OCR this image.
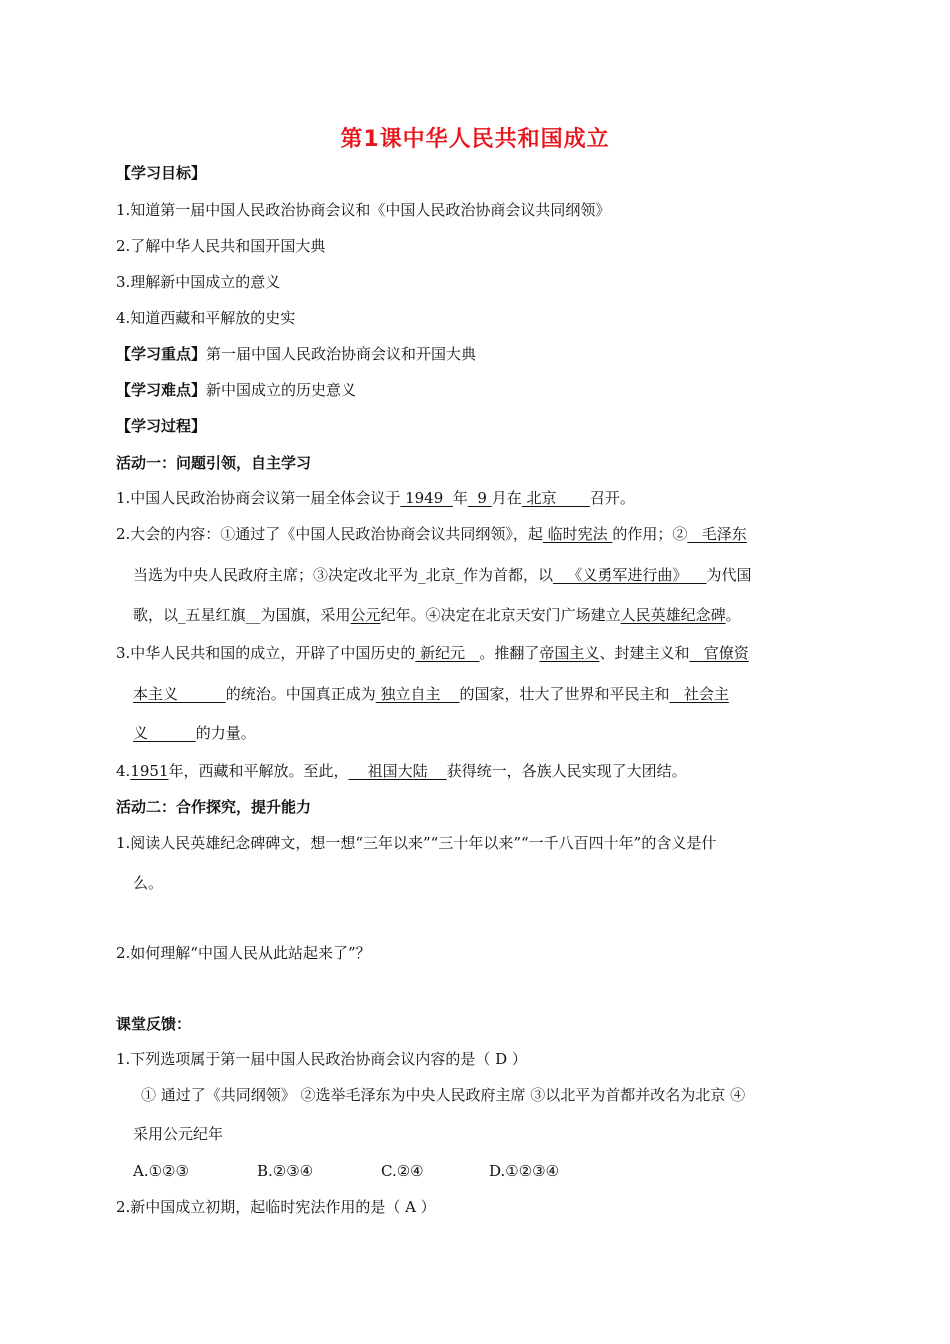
第1课中华人民共和国成立
【学习目标】
1.知道第一届中国人民政治协商会议和《中国人民政治协商会议共同纲领》
2.了解中华人民共和国开国大典
3.理解新中国成立的意义
4.知道西藏和平解放的史实
【学习重点】第一届中国人民政治协商会议和开国大典
【学习难点】新中国成立的历史意义
【学习过程】
活动一：问题引领，自主学习
1.中国人民政治协商会议第一届全体会议于 1949  年  9 月在 北京       召开。
2.大会的内容：①通过了《中国人民政治协商会议共同纲领》，起 临时宪法 的作用；②   毛泽东
当选为中央人民政府主席；③决定改北平为_北京_作为首都，以   《义勇军进行曲》    为代国
歌，以_五星红旗__为国旗，采用公元纪年。④决定在北京天安门广场建立人民英雄纪念碑。
3.中华人民共和国的成立，开辟了中国历史的 新纪元   。推翻了帝国主义、封建主义和   官僚资
本主义          的统治。中国真正成为 独立自主    的国家，壮大了世界和平民主和   社会主
义          的力量。
4.1951年，西藏和平解放。至此，    祖国大陆    获得统一，各族人民实现了大团结。
活动二：合作探究，提升能力
1.阅读人民英雄纪念碑碑文，想一想“三年以来”“三十年以来”“一千八百四十年”的含义是什
么。
2.如何理解“中国人民从此站起来了”？
课堂反馈：
1.下列选项属于第一届中国人民政治协商会议内容的是（ D ）
① 通过了《共同纲领》 ②选举毛泽东为中央人民政府主席 ③以北平为首都并改名为北京 ④
采用公元纪年
A.①②③	B.②③④	C.②④	D.①②③④
2.新中国成立初期，起临时宪法作用的是（ A ）
